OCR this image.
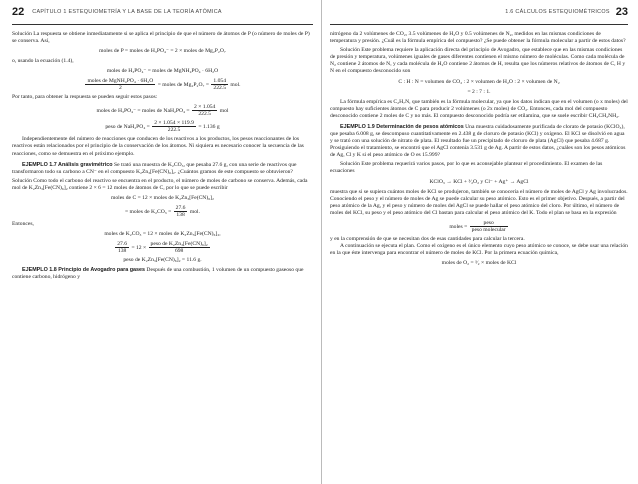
22 CAPÍTULO 1 ESTEQUIOMETRÍA Y LA BASE DE LA TEORÍA ATÓMICA

Solución La respuesta se obtiene inmediatamente si se aplica el principio de que el número de átomos de P (o número de moles de P) se conserva. Así,

moles de P = moles de H₃PO₄⁻ = 2 × moles de Mg₂P₂O₇

o, usando la ecuación (1.4),

moles de H₃PO₄⁻ = moles de MgNH₄PO₄ · 6H₂O
$\frac{\text{moles de MgNH₄PO₄ · 6H₂O}}{2}$ = moles de $Mg_2P_2O_7 = \frac{1.054}{222.5}$ mol.

Por tanto, para obtener la respuesta se pueden seguir estos pasos:

moles de H₃PO₄⁻ = moles de $NaH_2PO_4 = \frac{2 \times 1.054}{222.5}$ mol
peso de $NaH_2PO_4 = \frac{2 \times 1.054 \times 119.9}{222.5} = 1.136$ g

Independientemente del número de reacciones que conducen de los reactivos a los productos, los pesos reaccionantes de los reactivos están relacionados por el principio de la conservación de los átomos. Ni siquiera es necesario conocer la secuencia de las reacciones, como se demuestra en el próximo ejemplo.

EJEMPLO 1.7 Análisis gravimétrico Se trató una muestra de K₂CO₃, que pesaba 27.6 g, con una serie de reactivos que transformaron todo su carbono a CN⁻ en el compuesto K₂Zn₃[Fe(CN)₆]₂. ¿Cuántos gramos de este compuesto se obtuvieron?

Solución Como todo el carbono del reactivo se encuentra en el producto, el número de moles de carbono se conserva. Además, cada mol de K₂Zn₃[Fe(CN)₆]₂ contiene 2 × 6 = 12 moles de átomos de C, por lo que se puede escribir

moles de C = 12 × moles de K₂Zn₃[Fe(CN)₆]₂
= moles de $K_2CO_3 = \frac{27.6}{138}$ mol.

Entonces,

moles de K₂CO₃ = 12 × moles de K₂Zn₃[Fe(CN)₆]₂,
$\frac{27.6}{138} = 12 \times \frac{\text{peso de K₂Zn₃[Fe(CN)₆]₂}}{698}$
peso de K₂Zn₃[Fe(CN)₆]₂ = 11.6 g.

EJEMPLO 1.8 Principio de Avogadro para gases Después de una combustión, 1 volumen de un compuesto gaseoso que contiene carbono, hidrógeno y

1.6 CÁLCULOS ESTEQUIOMÉTRICOS 23

nitrógeno da 2 volúmenes de CO₂, 3.5 volúmenes de H₂O y 0.5 volúmenes de N₂, medidos en las mismas condiciones de temperatura y presión. ¿Cuál es la fórmula empírica del compuesto? ¿Se puede obtener la fórmula molecular a partir de estos datos?

Solución Este problema requiere la aplicación directa del principio de Avogadro, que establece que en las mismas condiciones de presión y temperatura, volúmenes iguales de gases diferentes contienen el mismo número de moléculas. Como cada molécula de N₂ contiene 2 átomos de N, y cada molécula de H₂O contiene 2 átomos de H, resulta que los números relativos de átomos de C, H y N en el compuesto desconocido son

C : H : N = volumen de CO₂ : 2 × volumen de H₂O : 2 × volumen de N₂
= 2 : 7 : 1.

La fórmula empírica es C₂H₇N, que también es la fórmula molecular, ya que los datos indican que en el volumen (o x moles) del compuesto hay suficientes átomos de C para producir 2 volúmenes (o 2x moles) de CO₂. Entonces, cada mol del compuesto desconocido contiene 2 moles de C y no más. El compuesto desconocido podría ser etilamina, que se suele escribir CH₃CH₂NH₂.

EJEMPLO 1.9 Determinación de pesos atómicos Una muestra cuidadosamente purificada de clorato de potasio (KClO₃), que pesaba 6.008 g, se descompuso cuantitativamente en 2.438 g de cloruro de potasio (KCl) y oxígeno. El KCl se disolvió en agua y se trató con una solución de nitrato de plata. El resultado fue un precipitado de cloruro de plata (AgCl) que pesaba 4.687 g. Prosiguiendo el tratamiento, se encontró que el AgCl contenía 3.531 g de Ag. A partir de estos datos, ¿cuáles son los pesos atómicos de Ag, Cl y K si el peso atómico de O es 15.999?

Solución Este problema requerirá varios pasos, por lo que es aconsejable plantear el procedimiento. El examen de las ecuaciones

KClO₃ → KCl + ³⁄₂O₂ y Cl⁻ + Ag⁺ → AgCl

muestra que si se supiera cuántos moles de KCl se produjeron, también se conocería el número de moles de AgCl y Ag involucrados. Conociendo el peso y el número de moles de Ag se puede calcular su peso atómico. Esto es el primer objetivo. Después, a partir del peso atómico de la Ag, y el peso y número de moles del AgCl se puede hallar el peso atómico del cloro. Por último, el número de moles del KCl, su peso y el peso atómico del Cl bastan para calcular el peso atómico del K. Todo el plan se basa en la expresión

moles = $\frac{\text{peso}}{\text{peso molecular}}$

y en la comprensión de que se necesitan dos de esas cantidades para calcular la tercera.

A continuación se ejecuta el plan. Como el oxígeno es el único elemento cuyo peso atómico se conoce, se debe usar una relación en la que éste intervenga para encontrar el número de moles de KCl. Por la primera ecuación química,

moles de O₂ = ³⁄₂ × moles de KCl
